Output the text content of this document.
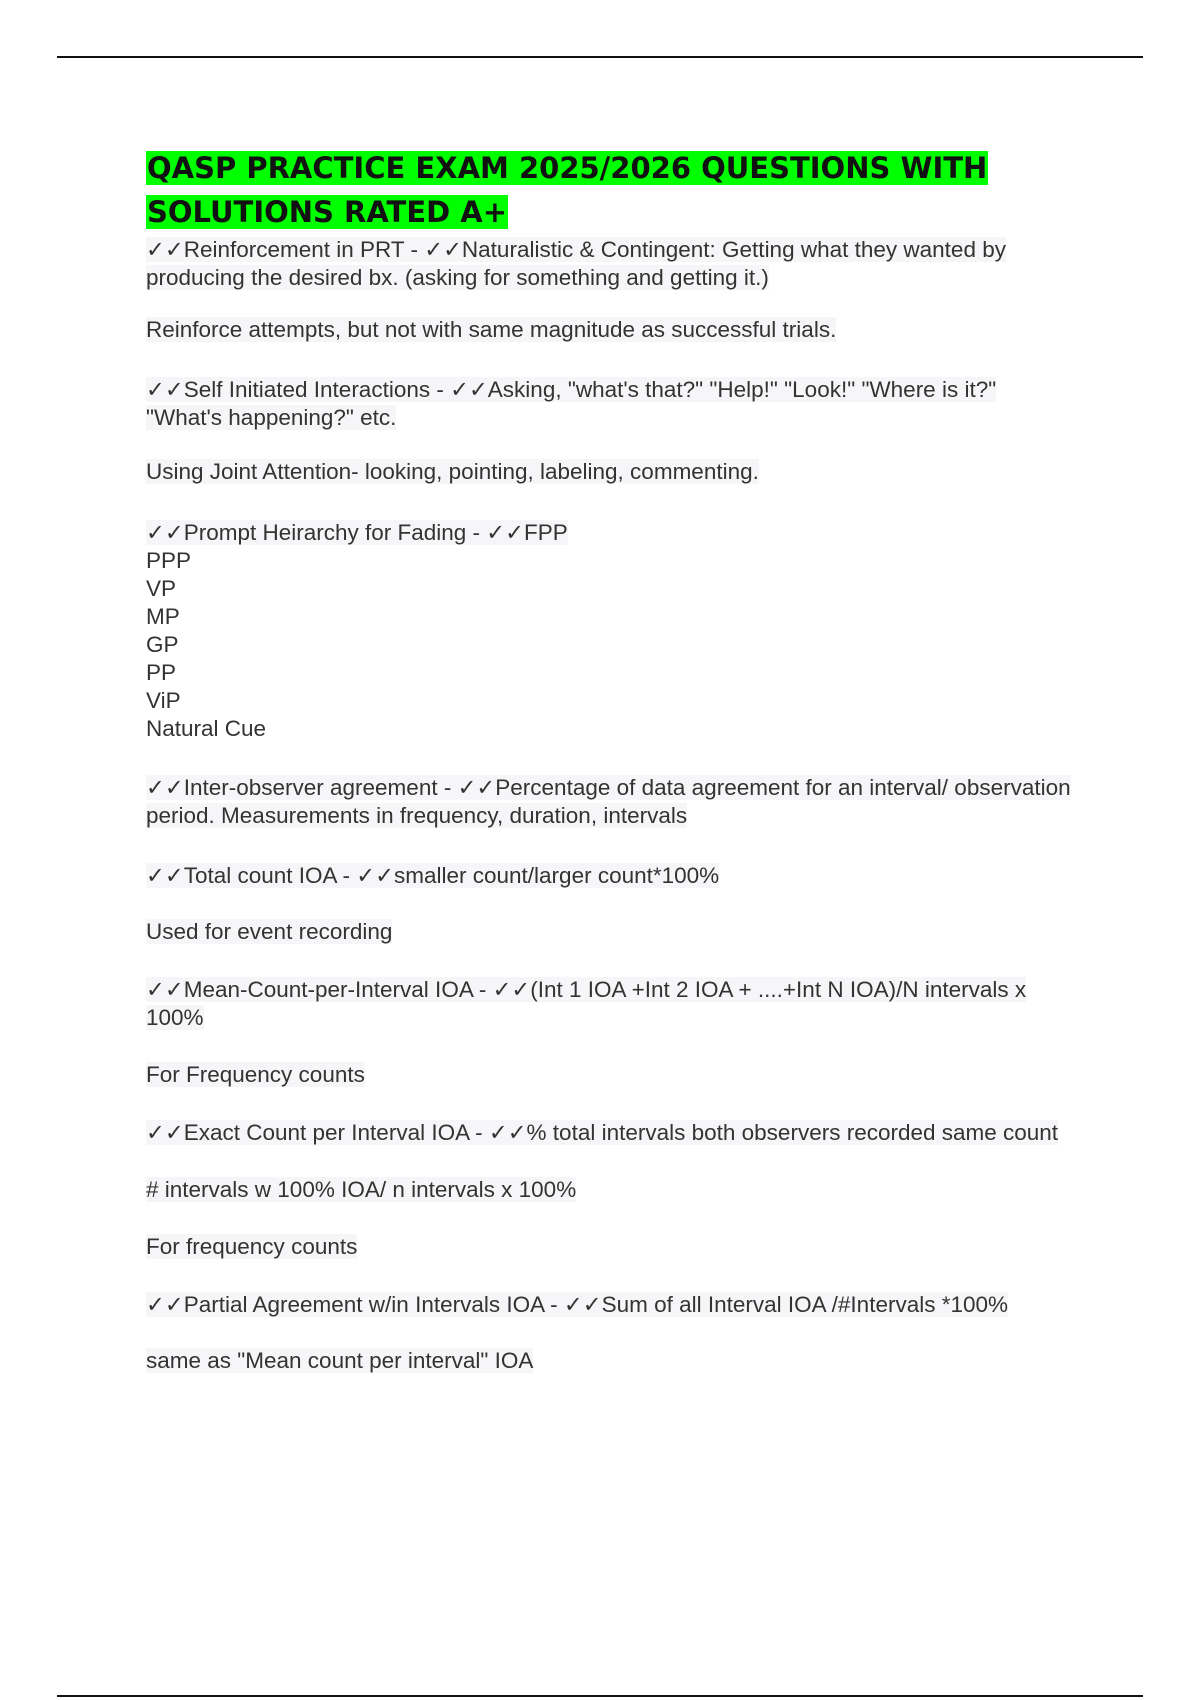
QASP PRACTICE EXAM 2025/2026 QUESTIONS WITH SOLUTIONS RATED A+

✓✓Reinforcement in PRT - ✓✓Naturalistic & Contingent: Getting what they wanted by producing the desired bx. (asking for something and getting it.)

Reinforce attempts, but not with same magnitude as successful trials.

✓✓Self Initiated Interactions - ✓✓Asking, "what's that?" "Help!" "Look!" "Where is it?" "What's happening?" etc.

Using Joint Attention- looking, pointing, labeling, commenting.

✓✓Prompt Heirarchy for Fading - ✓✓FPP

PPP
VP
MP
GP
PP
ViP
Natural Cue

✓✓Inter-observer agreement - ✓✓Percentage of data agreement for an interval/ observation period. Measurements in frequency, duration, intervals

✓✓Total count IOA - ✓✓smaller count/larger count*100%

Used for event recording

✓✓Mean-Count-per-Interval IOA - ✓✓(Int 1 IOA +Int 2 IOA + ....+Int N IOA)/N intervals x 100%

For Frequency counts

✓✓Exact Count per Interval IOA - ✓✓% total intervals both observers recorded same count

# intervals w 100% IOA/ n intervals x 100%

For frequency counts

✓✓Partial Agreement w/in Intervals IOA - ✓✓Sum of all Interval IOA /#Intervals *100%

same as "Mean count per interval" IOA
